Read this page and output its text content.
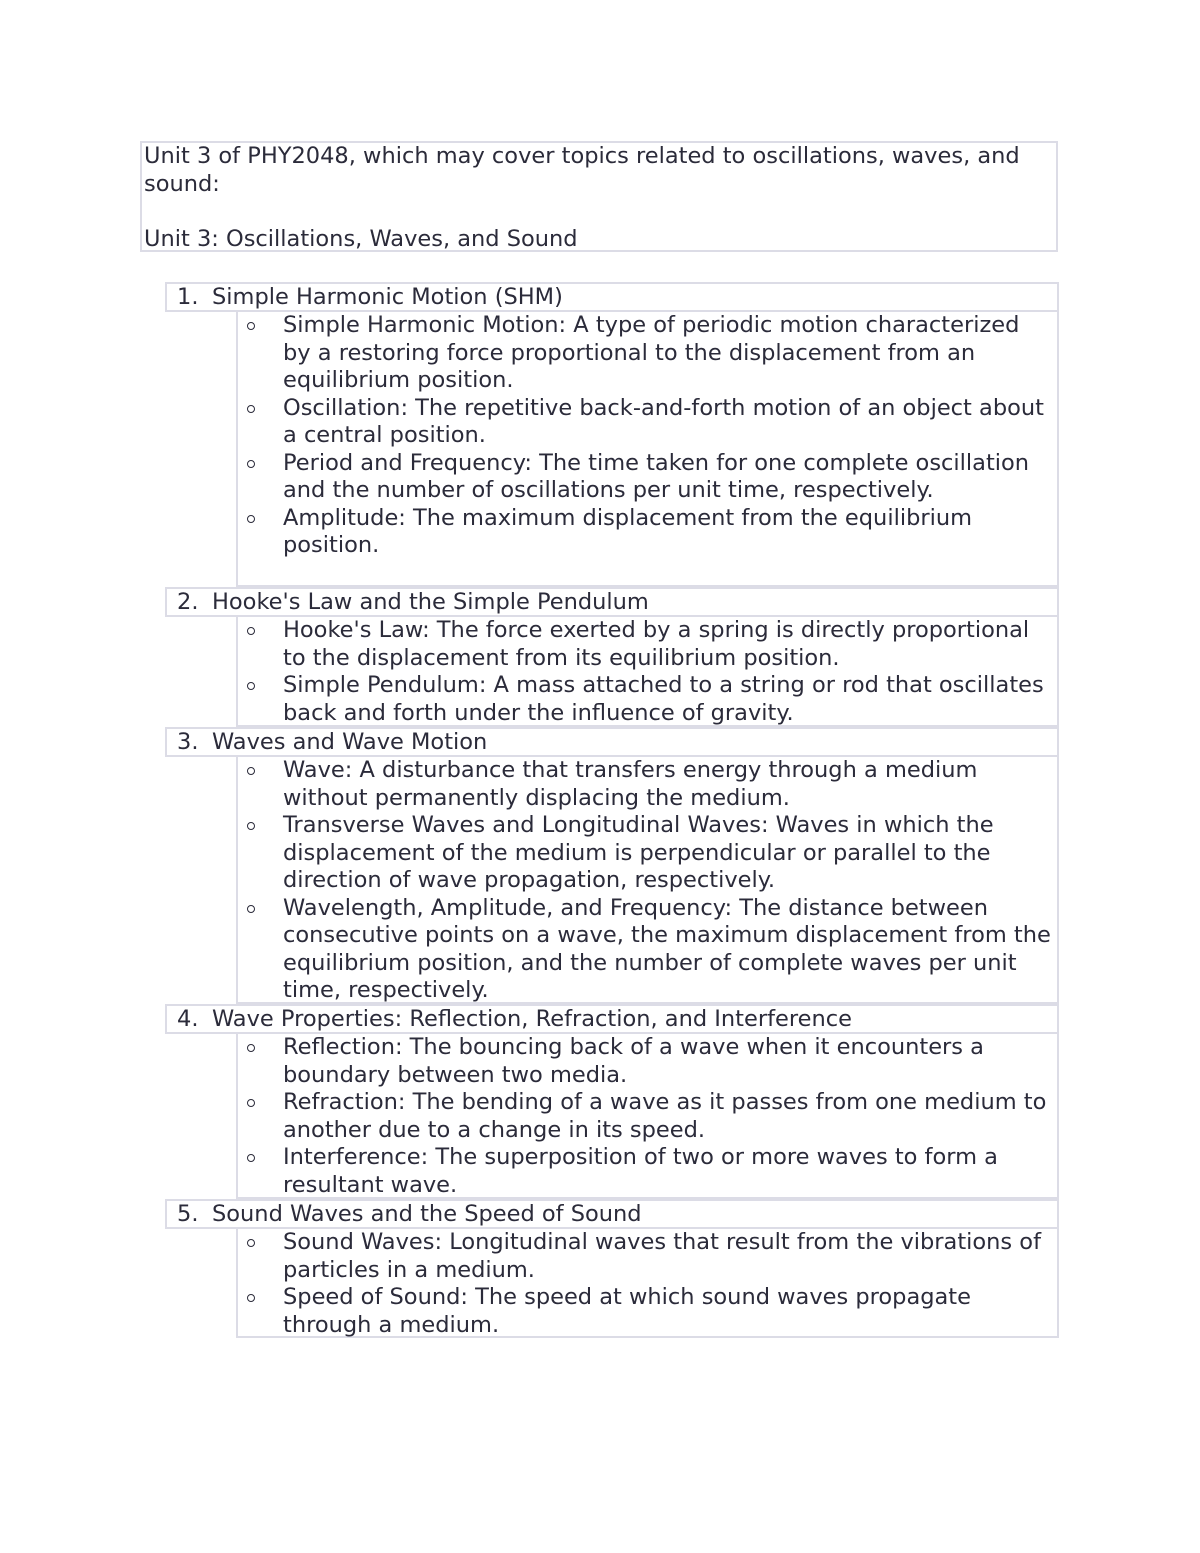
Unit 3 of PHY2048, which may cover topics related to oscillations, waves, and sound:

Unit 3: Oscillations, Waves, and Sound

1. Simple Harmonic Motion (SHM)
Simple Harmonic Motion: A type of periodic motion characterized by a restoring force proportional to the displacement from an equilibrium position.
Oscillation: The repetitive back-and-forth motion of an object about a central position.
Period and Frequency: The time taken for one complete oscillation and the number of oscillations per unit time, respectively.
Amplitude: The maximum displacement from the equilibrium position.
2. Hooke's Law and the Simple Pendulum
Hooke's Law: The force exerted by a spring is directly proportional to the displacement from its equilibrium position.
Simple Pendulum: A mass attached to a string or rod that oscillates back and forth under the influence of gravity.
3. Waves and Wave Motion
Wave: A disturbance that transfers energy through a medium without permanently displacing the medium.
Transverse Waves and Longitudinal Waves: Waves in which the displacement of the medium is perpendicular or parallel to the direction of wave propagation, respectively.
Wavelength, Amplitude, and Frequency: The distance between consecutive points on a wave, the maximum displacement from the equilibrium position, and the number of complete waves per unit time, respectively.
4. Wave Properties: Reflection, Refraction, and Interference
Reflection: The bouncing back of a wave when it encounters a boundary between two media.
Refraction: The bending of a wave as it passes from one medium to another due to a change in its speed.
Interference: The superposition of two or more waves to form a resultant wave.
5. Sound Waves and the Speed of Sound
Sound Waves: Longitudinal waves that result from the vibrations of particles in a medium.
Speed of Sound: The speed at which sound waves propagate through a medium.
